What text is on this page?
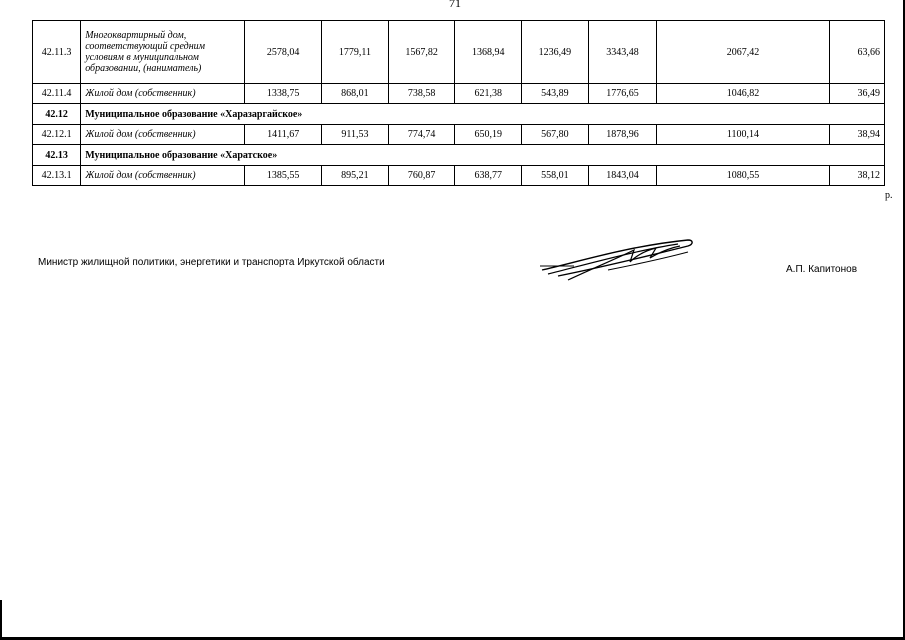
71
42.11.3	Многоквартирный дом, соответствующий средним условиям в муниципальном образовании, (наниматель)	2578,04	1779,11	1567,82	1368,94	1236,49	3343,48	2067,42	63,66
42.11.4	Жилой дом (собственник)	1338,75	868,01	738,58	621,38	543,89	1776,65	1046,82	36,49
42.12	Муниципальное образование «Харазаргайское»								
42.12.1	Жилой дом (собственник)	1411,67	911,53	774,74	650,19	567,80	1878,96	1100,14	38,94
42.13	Муниципальное образование «Харатское»								
42.13.1	Жилой дом (собственник)	1385,55	895,21	760,87	638,77	558,01	1843,04	1080,55	38,12
р.
Министр жилищной политики, энергетики и транспорта Иркутской области
А.П. Капитонов
